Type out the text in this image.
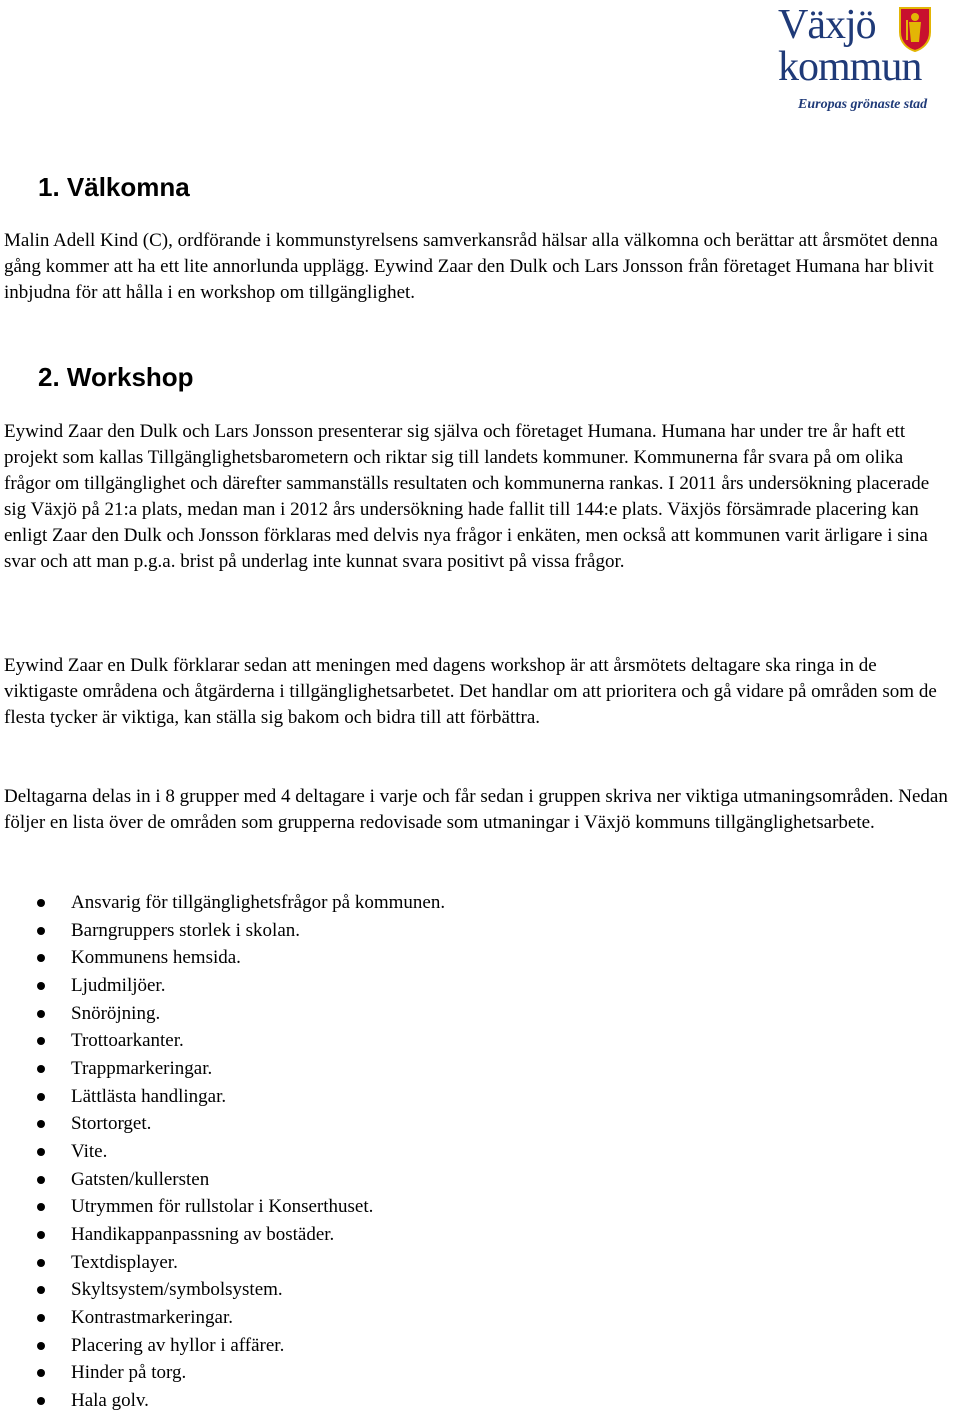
Växjö
kommun
Europas grönaste stad
1. Välkomna

Malin Adell Kind (C), ordförande i kommunstyrelsens samverkansråd hälsar alla välkomna och berättar att årsmötet denna gång kommer att ha ett lite annorlunda upplägg. Eywind Zaar den Dulk och Lars Jonsson från företaget Humana har blivit inbjudna för att hålla i en workshop om tillgänglighet.

2. Workshop

Eywind Zaar den Dulk och Lars Jonsson presenterar sig själva och företaget Humana. Humana har under tre år haft ett projekt som kallas Tillgänglighetsbarometern och riktar sig till landets kommuner. Kommunerna får svara på om olika frågor om tillgänglighet och därefter sammanställs resultaten och kommunerna rankas. I 2011 års undersökning placerade sig Växjö på 21:a plats, medan man i 2012 års undersökning hade fallit till 144:e plats. Växjös försämrade placering kan enligt Zaar den Dulk och Jonsson förklaras med delvis nya frågor i enkäten, men också att kommunen varit ärligare i sina svar och att man p.g.a. brist på underlag inte kunnat svara positivt på vissa frågor.

Eywind Zaar en Dulk förklarar sedan att meningen med dagens workshop är att årsmötets deltagare ska ringa in de viktigaste områdena och åtgärderna i tillgänglighetsarbetet. Det handlar om att prioritera och gå vidare på områden som de flesta tycker är viktiga, kan ställa sig bakom och bidra till att förbättra.

Deltagarna delas in i 8 grupper med 4 deltagare i varje och får sedan i gruppen skriva ner viktiga utmaningsområden. Nedan följer en lista över de områden som grupperna redovisade som utmaningar i Växjö kommuns tillgänglighetsarbete.

Ansvarig för tillgänglighetsfrågor på kommunen.
Barngruppers storlek i skolan.
Kommunens hemsida.
Ljudmiljöer.
Snöröjning.
Trottoarkanter.
Trappmarkeringar.
Lättlästa handlingar.
Stortorget.
Vite.
Gatsten/kullersten
Utrymmen för rullstolar i Konserthuset.
Handikappanpassning av bostäder.
Textdisplayer.
Skyltsystem/symbolsystem.
Kontrastmarkeringar.
Placering av hyllor i affärer.
Hinder på torg.
Hala golv.
